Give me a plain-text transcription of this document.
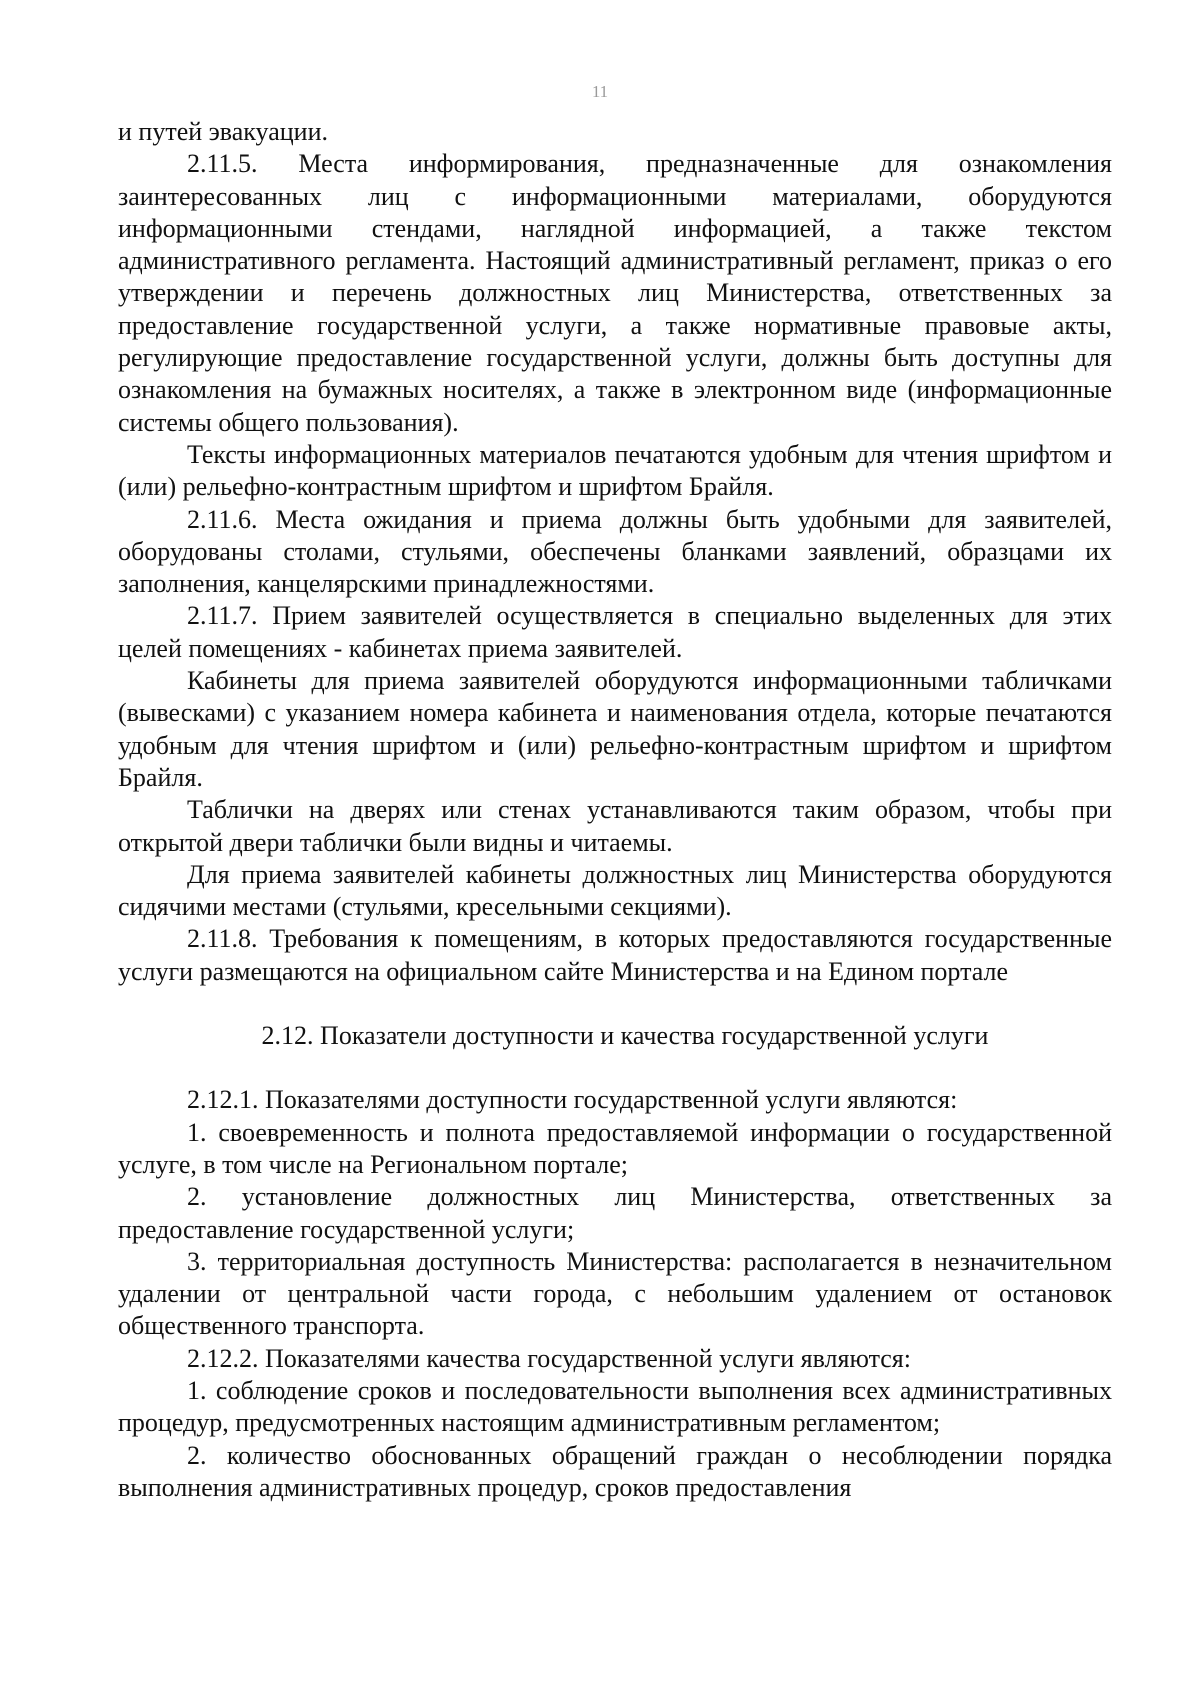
11

и путей эвакуации.

2.11.5. Места информирования, предназначенные для ознакомления заинтересованных лиц с информационными материалами, оборудуются информационными стендами, наглядной информацией, а также текстом административного регламента. Настоящий административный регламент, приказ о его утверждении и перечень должностных лиц Министерства, ответственных за предоставление государственной услуги, а также нормативные правовые акты, регулирующие предоставление государственной услуги, должны быть доступны для ознакомления на бумажных носителях, а также в электронном виде (информационные системы общего пользования).

Тексты информационных материалов печатаются удобным для чтения шрифтом и (или) рельефно-контрастным шрифтом и шрифтом Брайля.

2.11.6. Места ожидания и приема должны быть удобными для заявителей, оборудованы столами, стульями, обеспечены бланками заявлений, образцами их заполнения, канцелярскими принадлежностями.

2.11.7. Прием заявителей осуществляется в специально выделенных для этих целей помещениях - кабинетах приема заявителей.

Кабинеты для приема заявителей оборудуются информационными табличками (вывесками) с указанием номера кабинета и наименования отдела, которые печатаются удобным для чтения шрифтом и (или) рельефно-контрастным шрифтом и шрифтом Брайля.

Таблички на дверях или стенах устанавливаются таким образом, чтобы при открытой двери таблички были видны и читаемы.

Для приема заявителей кабинеты должностных лиц Министерства оборудуются сидячими местами (стульями, кресельными секциями).

2.11.8. Требования к помещениям, в которых предоставляются государственные услуги размещаются на официальном сайте Министерства и на Едином портале

2.12. Показатели доступности и качества государственной услуги

2.12.1. Показателями доступности государственной услуги являются:

1. своевременность и полнота предоставляемой информации о государственной услуге, в том числе на Региональном портале;

2. установление должностных лиц Министерства, ответственных за предоставление государственной услуги;

3. территориальная доступность Министерства: располагается в незначительном удалении от центральной части города, с небольшим удалением от остановок общественного транспорта.

2.12.2. Показателями качества государственной услуги являются:

1. соблюдение сроков и последовательности выполнения всех административных процедур, предусмотренных настоящим административным регламентом;

2. количество обоснованных обращений граждан о несоблюдении порядка выполнения административных процедур, сроков предоставления
